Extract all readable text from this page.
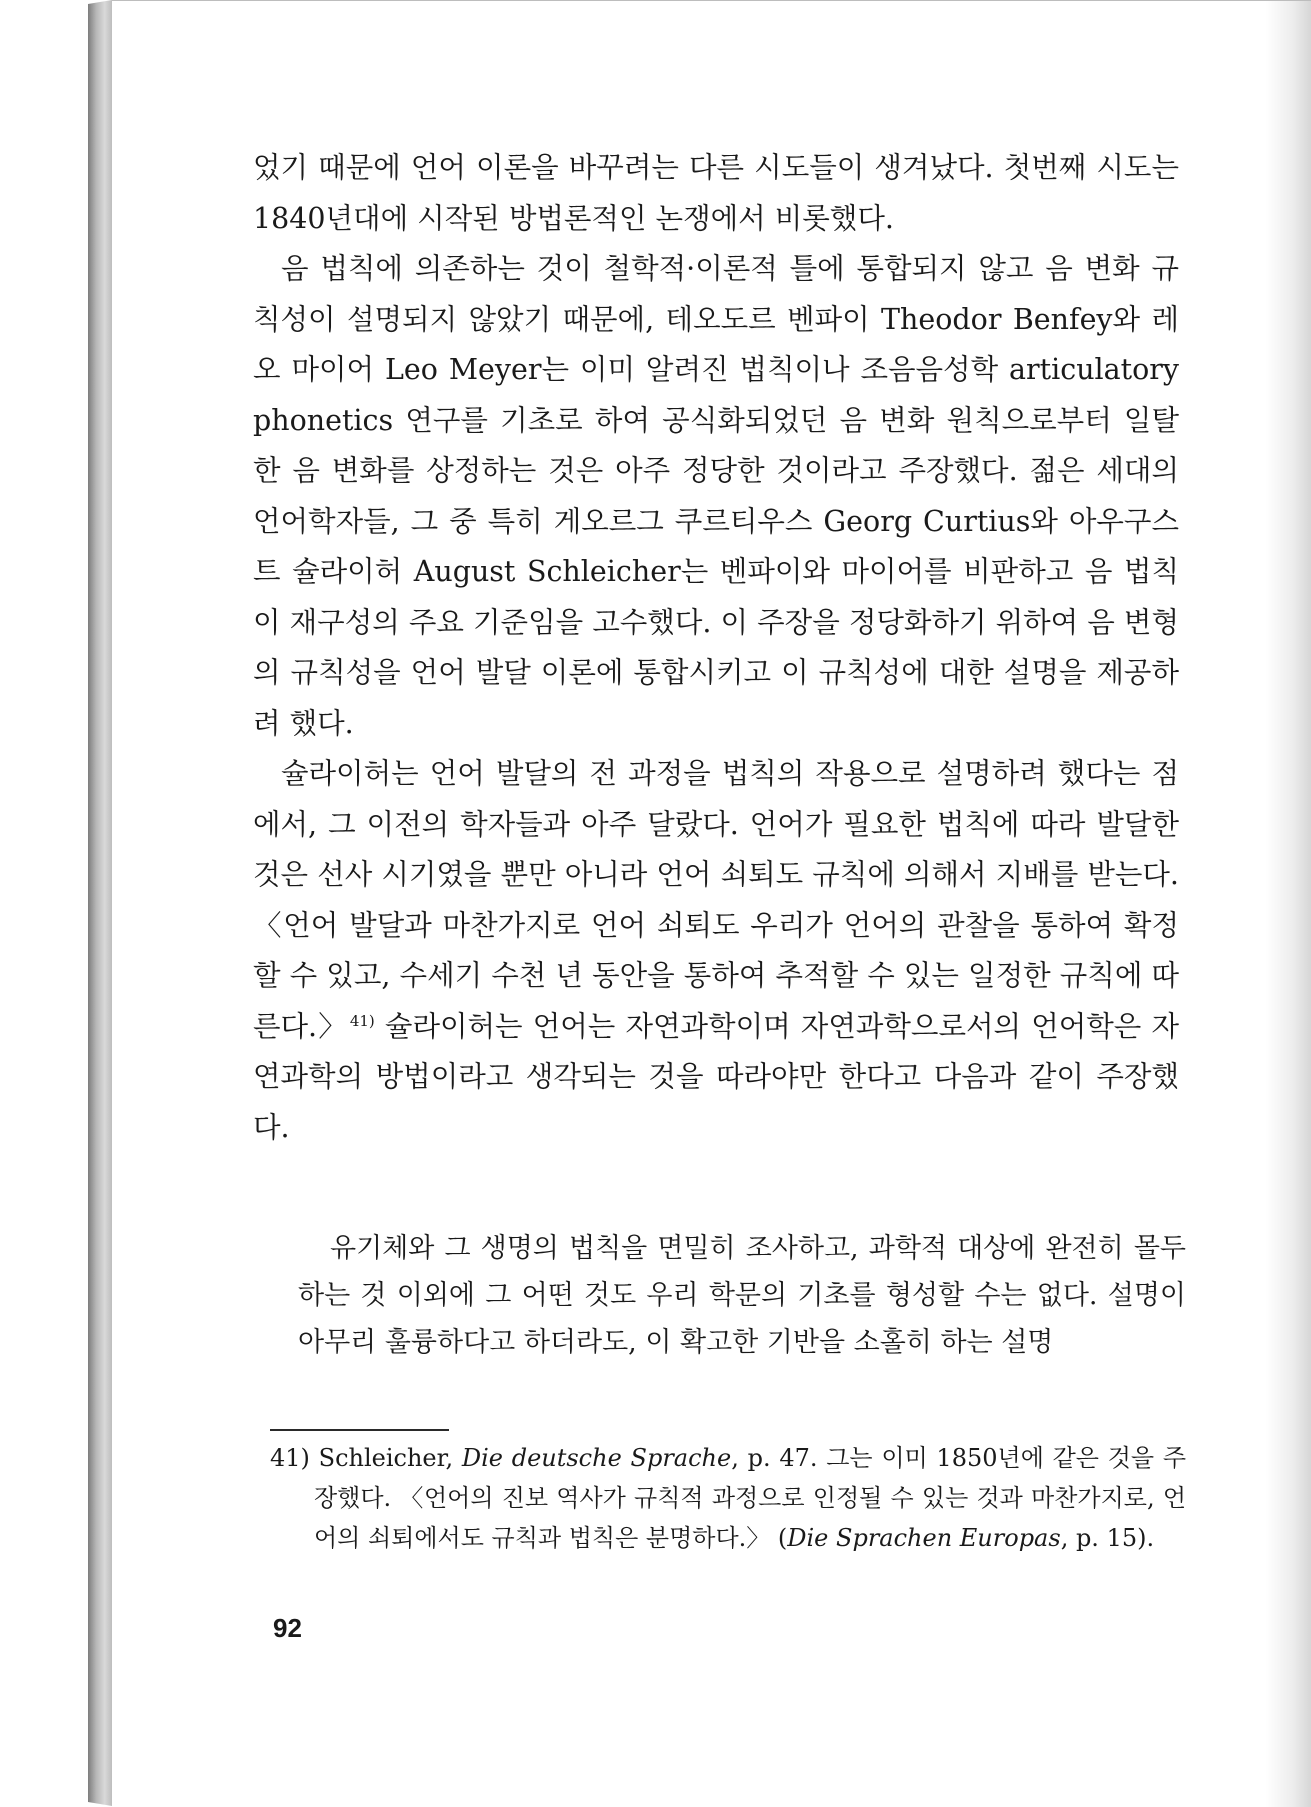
었기 때문에 언어 이론을 바꾸려는 다른 시도들이 생겨났다. 첫번째 시도는 1840년대에 시작된 방법론적인 논쟁에서 비롯했다.

음 법칙에 의존하는 것이 철학적·이론적 틀에 통합되지 않고 음 변화 규칙성이 설명되지 않았기 때문에, 테오도르 벤파이 Theodor Benfey와 레오 마이어 Leo Meyer는 이미 알려진 법칙이나 조음음성학 articulatory phonetics 연구를 기초로 하여 공식화되었던 음 변화 원칙으로부터 일탈한 음 변화를 상정하는 것은 아주 정당한 것이라고 주장했다. 젊은 세대의 언어학자들, 그 중 특히 게오르그 쿠르티우스 Georg Curtius와 아우구스트 슐라이허 August Schleicher는 벤파이와 마이어를 비판하고 음 법칙이 재구성의 주요 기준임을 고수했다. 이 주장을 정당화하기 위하여 음 변형의 규칙성을 언어 발달 이론에 통합시키고 이 규칙성에 대한 설명을 제공하려 했다.

슐라이허는 언어 발달의 전 과정을 법칙의 작용으로 설명하려 했다는 점에서, 그 이전의 학자들과 아주 달랐다. 언어가 필요한 법칙에 따라 발달한 것은 선사 시기였을 뿐만 아니라 언어 쇠퇴도 규칙에 의해서 지배를 받는다. 〈언어 발달과 마찬가지로 언어 쇠퇴도 우리가 언어의 관찰을 통하여 확정할 수 있고, 수세기 수천 년 동안을 통하여 추적할 수 있는 일정한 규칙에 따른다.〉 $^{41)}$ 슐라이허는 언어는 자연과학이며 자연과학으로서의 언어학은 자연과학의 방법이라고 생각되는 것을 따라야만 한다고 다음과 같이 주장했다.

유기체와 그 생명의 법칙을 면밀히 조사하고, 과학적 대상에 완전히 몰두하는 것 이외에 그 어떤 것도 우리 학문의 기초를 형성할 수는 없다. 설명이 아무리 훌륭하다고 하더라도, 이 확고한 기반을 소홀히 하는 설명

41) Schleicher, Die deutsche Sprache, p. 47. 그는 이미 1850년에 같은 것을 주장했다. 〈언어의 진보 역사가 규칙적 과정으로 인정될 수 있는 것과 마찬가지로, 언어의 쇠퇴에서도 규칙과 법칙은 분명하다.〉 (Die Sprachen Europas, p. 15).

92
